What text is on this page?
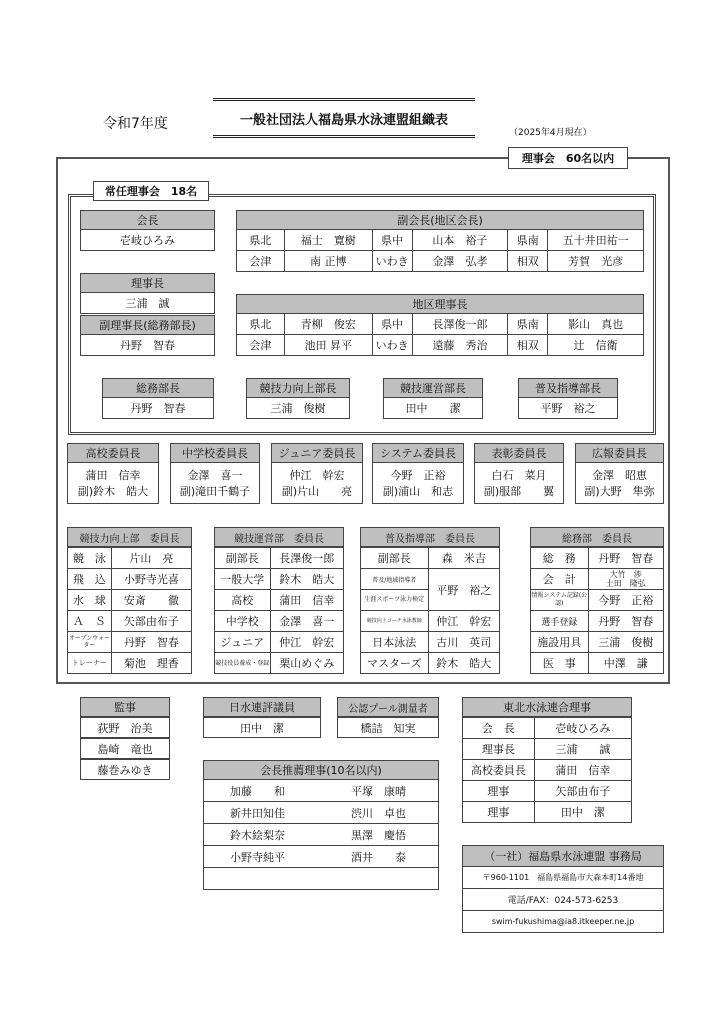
令和7年度	一般社団法人福島県水泳連盟組織表
（2025年4月現在）
理事会　60名以内
常任理事会　18名
会長
壱岐ひろみ
副会長(地区会長)
県北	福士　寛樹	県中	山本　裕子	県南	五十井田祐一
会津	南 正博	いわき	金澤　弘孝	相双	芳賀　光彦
理事長
三浦　誠
副理事長(総務部長)
丹野　智春
地区理事長
県北	青柳　俊宏	県中	長澤俊一郎	県南	影山　真也
会津	池田 昇平	いわき	遠藤　秀治	相双	辻　信衛
総務部長
丹野　智春
競技力向上部長
三浦　俊樹
競技運営部長
田中　　潔
普及指導部長
平野　裕之
高校委員長
蒲田　信幸
副)鈴木　皓大
中学校委員長
金澤　喜一
副)滝田千鶴子
ジュニア委員長
仲江　幹宏
副)片山　　亮
システム委員長
今野　正裕
副)浦山　和志
表彰委員長
白石　菜月
副)服部　　翼
広報委員長
金澤　昭恵
副)大野　隼弥
競技力向上部　委員長
競　泳	片山　亮
飛　込	小野寺光喜
水　球	安斎　　徹
Ａ　Ｓ	矢部由布子
オープンウォーター	丹野　智春
トレーナー	菊池　理香
競技運営部　委員長
副部長	長澤俊一郎
一般大学	鈴木　皓大
高校	蒲田　信幸
中学校	金澤　喜一
ジュニア	仲江　幹宏
競技役員養成・登録	栗山めぐみ
普及指導部　委員長
副部長	森　米吉
普及/地域指導者	平野　裕之
生涯スポーツ泳力検定	
競技向上コーチ水泳教師	仲江　幹宏
日本泳法	古川　英司
マスターズ	鈴木　皓大
総務部　委員長
総　務	丹野　智春
会　計	大竹　渉
土田　隆弘

情報システム記録(公認)	今野　正裕
選手登録	丹野　智春
施設用具	三浦　俊樹
医　事	中澤　謙
監事
荻野　治美
島崎　竜也
藤巻みゆき
日水連評議員
田中　潔
公認プール測量者
橋詰　知実
会長推薦理事(10名以内)
加藤　　和	平塚　康晴
新井田知佳	渋川　卓也
鈴木絵梨奈	黒澤　慶悟
小野寺純平	酒井　　泰
東北水泳連合理事
会　長	壱岐ひろみ
理事長	三浦　　誠
高校委員長	蒲田　信幸
理事	矢部由布子
理事	田中　潔
（一社）福島県水泳連盟 事務局
〒960-1101　福島県福島市大森本町14番地
電話/FAX：024-573-6253
swim-fukushima@ia8.itkeeper.ne.jp
